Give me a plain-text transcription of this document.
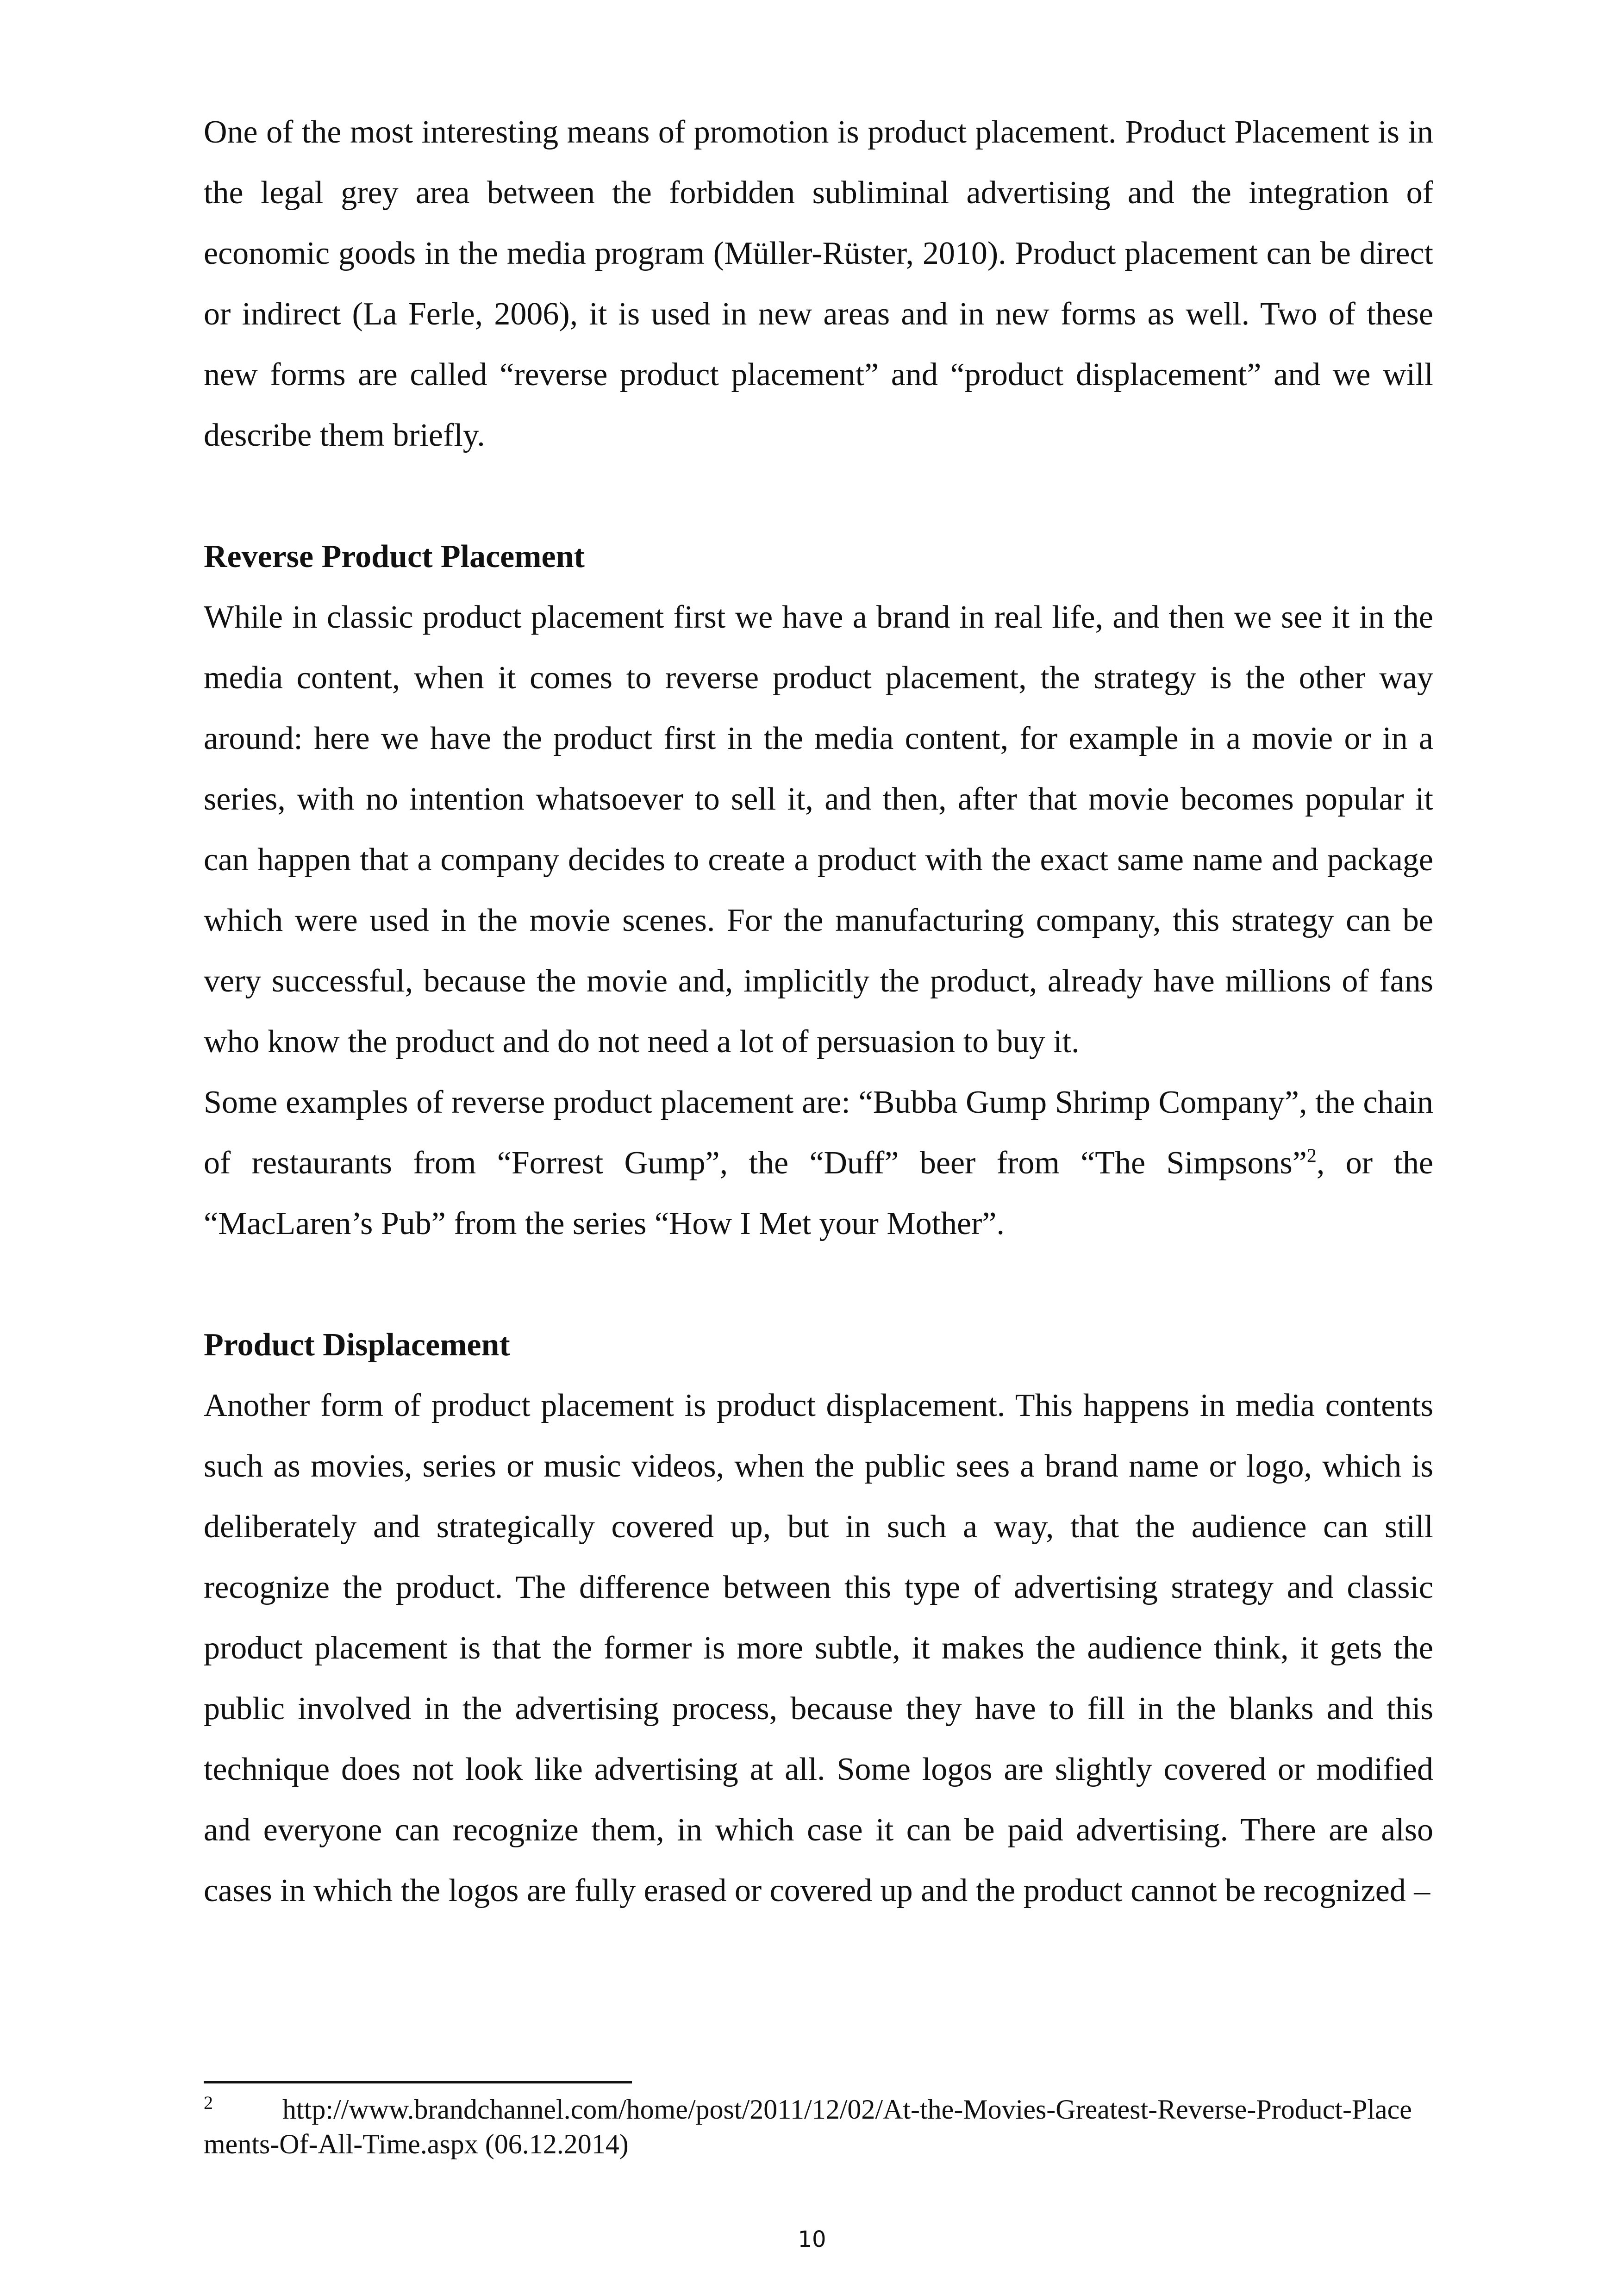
One of the most interesting means of promotion is product placement. Product Placement is in the legal grey area between the forbidden subliminal advertising and the integration of economic goods in the media program (Müller-Rüster, 2010). Product placement can be direct or indirect (La Ferle, 2006), it is used in new areas and in new forms as well. Two of these new forms are called “reverse product placement” and “product displacement” and we will describe them briefly.

Reverse Product Placement

While in classic product placement first we have a brand in real life, and then we see it in the media content, when it comes to reverse product placement, the strategy is the other way around: here we have the product first in the media content, for example in a movie or in a series, with no intention whatsoever to sell it, and then, after that movie becomes popular it can happen that a company decides to create a product with the exact same name and package which were used in the movie scenes. For the manufacturing company, this strategy can be very successful, because the movie and, implicitly the product, already have millions of fans who know the product and do not need a lot of persuasion to buy it.

Some examples of reverse product placement are: “Bubba Gump Shrimp Company”, the chain of restaurants from “Forrest Gump”, the “Duff” beer from “The Simpsons”$^2$, or the “MacLaren’s Pub” from the series “How I Met your Mother”.

Product Displacement

Another form of product placement is product displacement. This happens in media contents such as movies, series or music videos, when the public sees a brand name or logo, which is deliberately and strategically covered up, but in such a way, that the audience can still recognize the product. The difference between this type of advertising strategy and classic product placement is that the former is more subtle, it makes the audience think, it gets the public involved in the advertising process, because they have to fill in the blanks and this technique does not look like advertising at all. Some logos are slightly covered or modified and everyone can recognize them, in which case it can be paid advertising. There are also cases in which the logos are fully erased or covered up and the product cannot be recognized –

2	http://www.brandchannel.com/home/post/2011/12/02/At-the-Movies-Greatest-Reverse-Product-Placements-Of-All-Time.aspx (06.12.2014)
10
